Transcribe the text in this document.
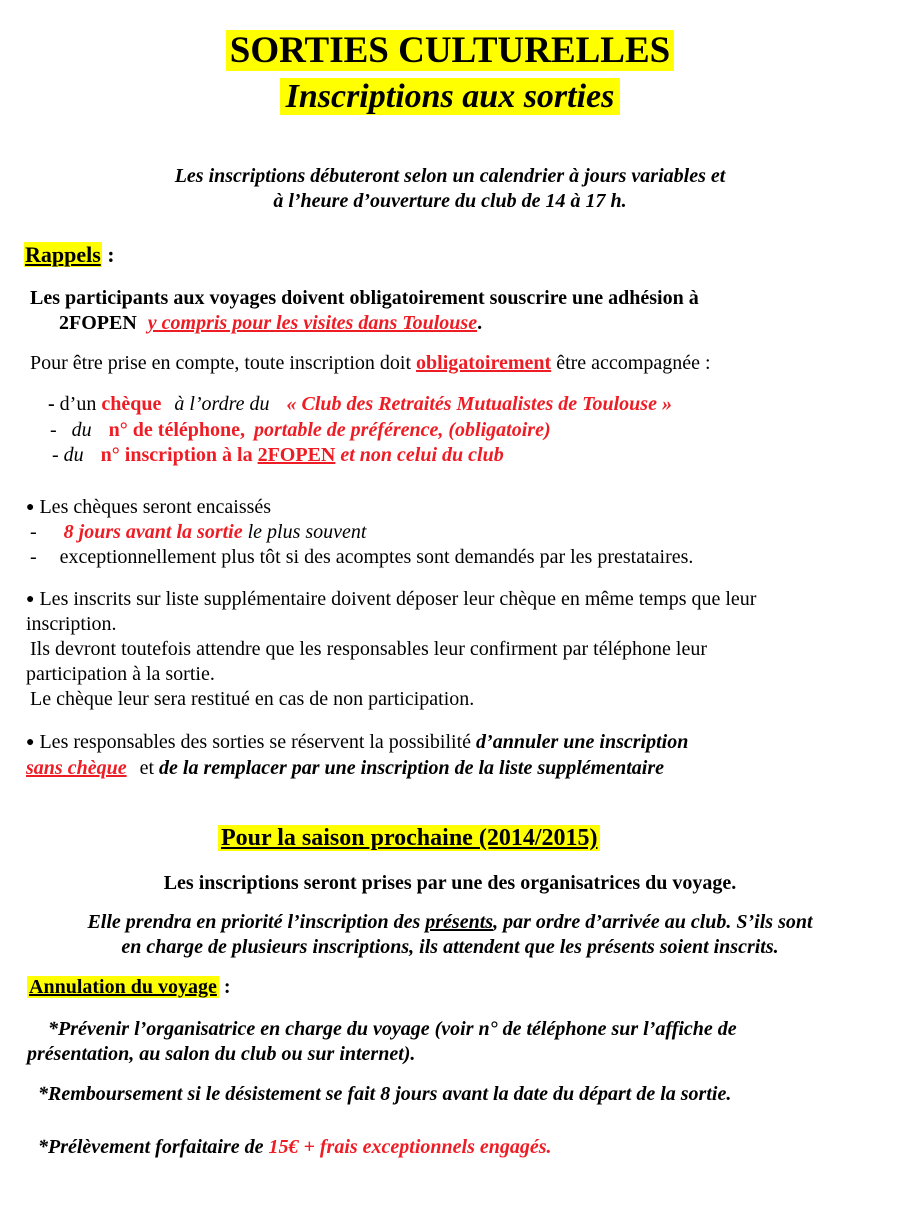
SORTIES CULTURELLES
Inscriptions aux sorties
Les inscriptions débuteront selon un calendrier à jours variables et
à l’heure d’ouverture du club de 14 à 17 h.
Rappels :
Les participants aux voyages doivent obligatoirement souscrire une adhésion à
2FOPEN y compris pour les visites dans Toulouse.
Pour être prise en compte, toute inscription doit obligatoirement être accompagnée :
- d’un chèque à l’ordre du « Club des Retraités Mutualistes de Toulouse »
- du n° de téléphone, portable de préférence, (obligatoire)
- du n° inscription à la 2FOPEN et non celui du club
● Les chèques seront encaissés
- 8 jours avant la sortie le plus souvent
- exceptionnellement plus tôt si des acomptes sont demandés par les prestataires.
● Les inscrits sur liste supplémentaire doivent déposer leur chèque en même temps que leur
inscription.
Ils devront toutefois attendre que les responsables leur confirment par téléphone leur
participation à la sortie.
Le chèque leur sera restitué en cas de non participation.
● Les responsables des sorties se réservent la possibilité d’annuler une inscription
sans chèque et de la remplacer par une inscription de la liste supplémentaire
Pour la saison prochaine (2014/2015)
Les inscriptions seront prises par une des organisatrices du voyage.
Elle prendra en priorité l’inscription des présents, par ordre d’arrivée au club. S’ils sont
en charge de plusieurs inscriptions, ils attendent que les présents soient inscrits.
Annulation du voyage :
*Prévenir l’organisatrice en charge du voyage (voir n° de téléphone sur l’affiche de
présentation, au salon du club ou sur internet).
*Remboursement si le désistement se fait 8 jours avant la date du départ de la sortie.
*Prélèvement forfaitaire de 15€ + frais exceptionnels engagés.
